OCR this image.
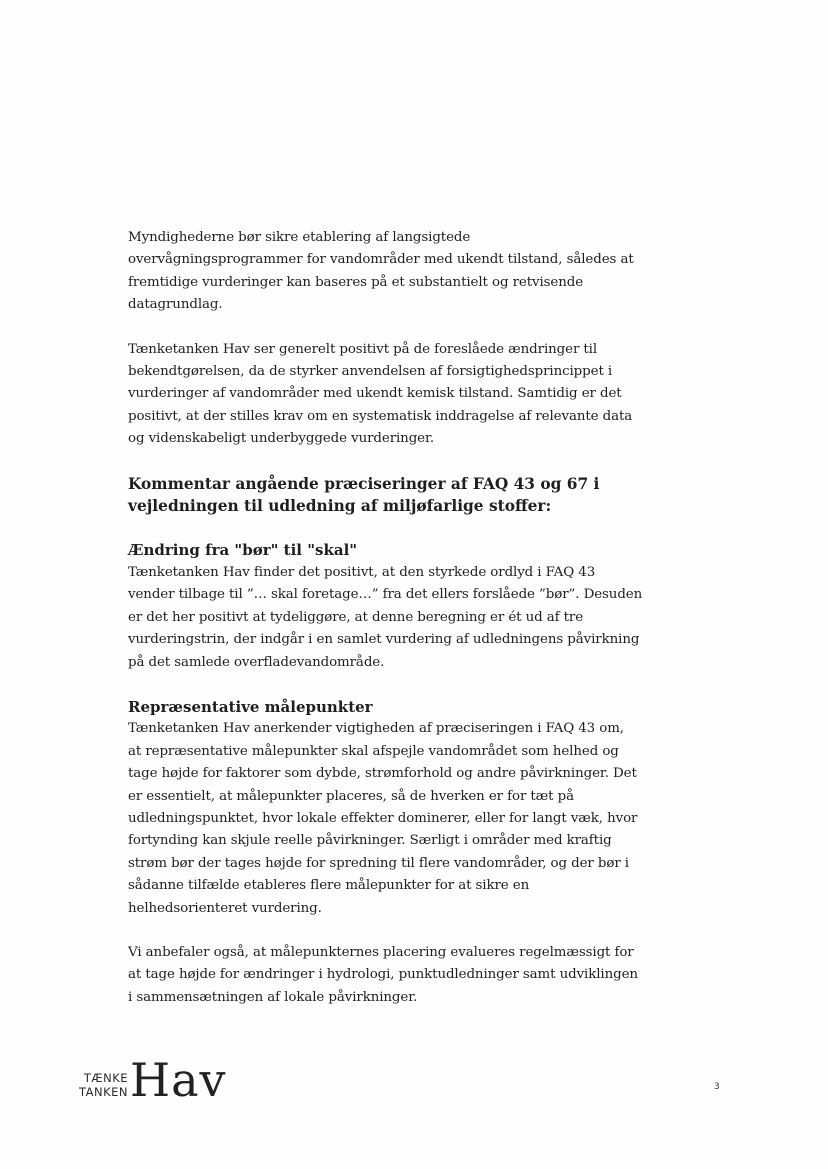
Myndighederne bør sikre etablering af langsigtede
overvågningsprogrammer for vandområder med ukendt tilstand, således at
fremtidige vurderinger kan baseres på et substantielt og retvisende
datagrundlag.

Tænketanken Hav ser generelt positivt på de foreslåede ændringer til
bekendtgørelsen, da de styrker anvendelsen af forsigtighedsprincippet i
vurderinger af vandområder med ukendt kemisk tilstand. Samtidig er det
positivt, at der stilles krav om en systematisk inddragelse af relevante data
og videnskabeligt underbyggede vurderinger.

Kommentar angående præciseringer af FAQ 43 og 67 i
vejledningen til udledning af miljøfarlige stoffer:
Ændring fra "bør" til "skal"

Tænketanken Hav finder det positivt, at den styrkede ordlyd i FAQ 43
vender tilbage til ”… skal foretage…” fra det ellers forslåede ”bør”. Desuden
er det her positivt at tydeliggøre, at denne beregning er ét ud af tre
vurderingstrin, der indgår i en samlet vurdering af udledningens påvirkning
på det samlede overfladevandområde.

Repræsentative målepunkter

Tænketanken Hav anerkender vigtigheden af præciseringen i FAQ 43 om,
at repræsentative målepunkter skal afspejle vandområdet som helhed og
tage højde for faktorer som dybde, strømforhold og andre påvirkninger. Det
er essentielt, at målepunkter placeres, så de hverken er for tæt på
udledningspunktet, hvor lokale effekter dominerer, eller for langt væk, hvor
fortynding kan skjule reelle påvirkninger. Særligt i områder med kraftig
strøm bør der tages højde for spredning til flere vandområder, og der bør i
sådanne tilfælde etableres flere målepunkter for at sikre en
helhedsorienteret vurdering.

Vi anbefaler også, at målepunkternes placering evalueres regelmæssigt for
at tage højde for ændringer i hydrologi, punktudledninger samt udviklingen
i sammensætningen af lokale påvirkninger.

TÆNKE
TANKEN Hav	3
